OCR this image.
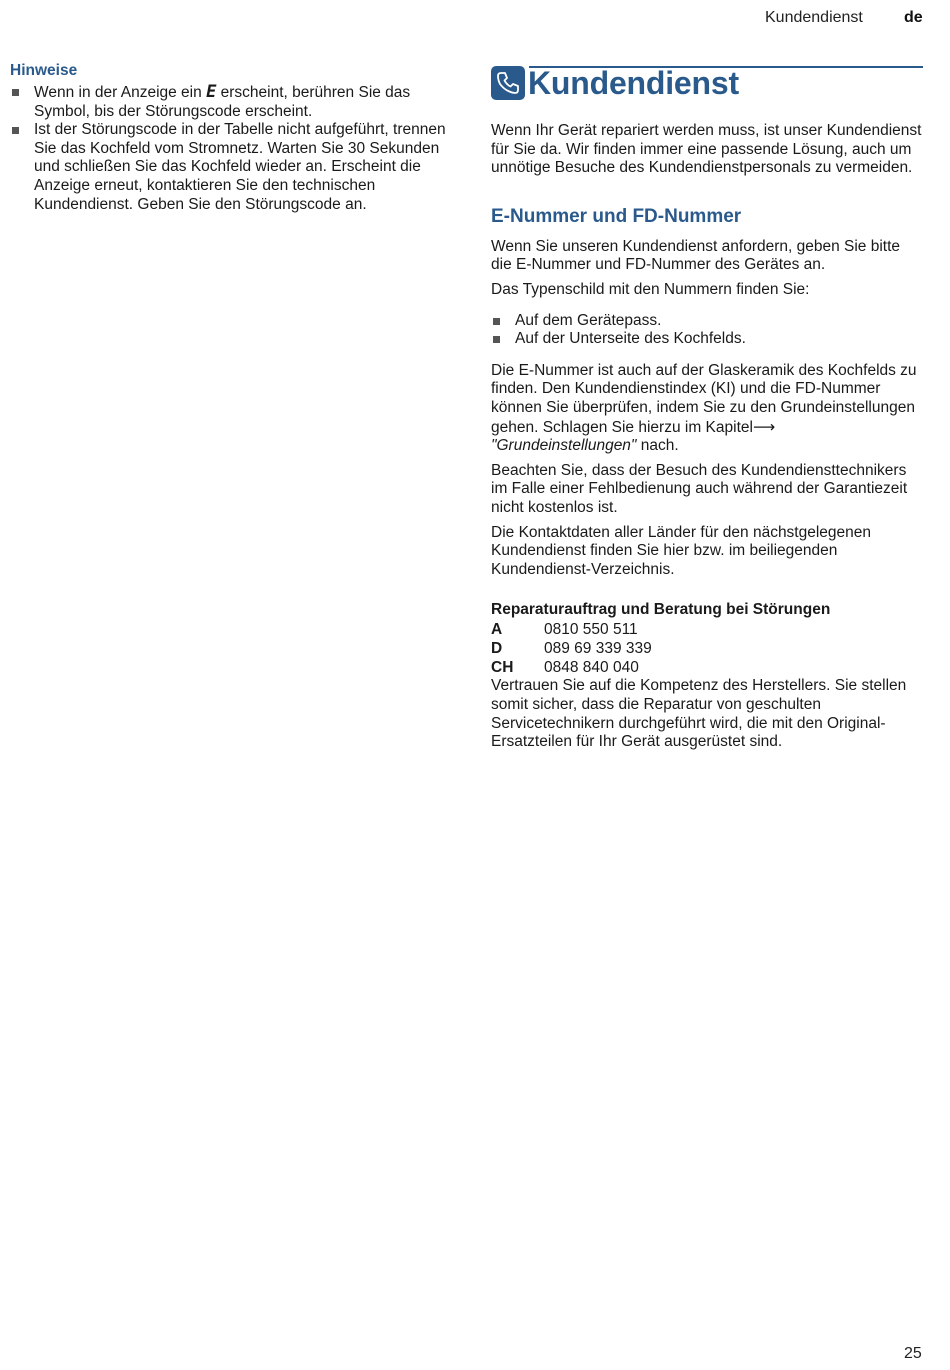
Kundendienst	de
Hinweise
Wenn in der Anzeige ein E erscheint, berühren Sie das Symbol, bis der Störungscode erscheint.
Ist der Störungscode in der Tabelle nicht aufgeführt, trennen Sie das Kochfeld vom Stromnetz. Warten Sie 30 Sekunden und schließen Sie das Kochfeld wieder an. Erscheint die Anzeige erneut, kontaktieren Sie den technischen Kundendienst. Geben Sie den Störungscode an.
Kundendienst

Wenn Ihr Gerät repariert werden muss, ist unser Kundendienst für Sie da. Wir finden immer eine passende Lösung, auch um unnötige Besuche des Kundendienstpersonals zu vermeiden.

E-Nummer und FD-Nummer

Wenn Sie unseren Kundendienst anfordern, geben Sie bitte die E-Nummer und FD-Nummer des Gerätes an.

Das Typenschild mit den Nummern finden Sie:

Auf dem Gerätepass.
Auf der Unterseite des Kochfelds.

Die E-Nummer ist auch auf der Glaskeramik des Kochfelds zu finden. Den Kundendienstindex (KI) und die FD-Nummer können Sie überprüfen, indem Sie zu den Grundeinstellungen gehen. Schlagen Sie hierzu im Kapitel⟶ "Grundeinstellungen" nach.

Beachten Sie, dass der Besuch des Kundendiensttechnikers im Falle einer Fehlbedienung auch während der Garantiezeit nicht kostenlos ist.

Die Kontaktdaten aller Länder für den nächstgelegenen Kundendienst finden Sie hier bzw. im beiliegenden Kundendienst-Verzeichnis.

Reparaturauftrag und Beratung bei Störungen
A	0810 550 511
D	089 69 339 339
CH	0848 840 040

Vertrauen Sie auf die Kompetenz des Herstellers. Sie stellen somit sicher, dass die Reparatur von geschulten Servicetechnikern durchgeführt wird, die mit den Original-Ersatzteilen für Ihr Gerät ausgerüstet sind.

25
